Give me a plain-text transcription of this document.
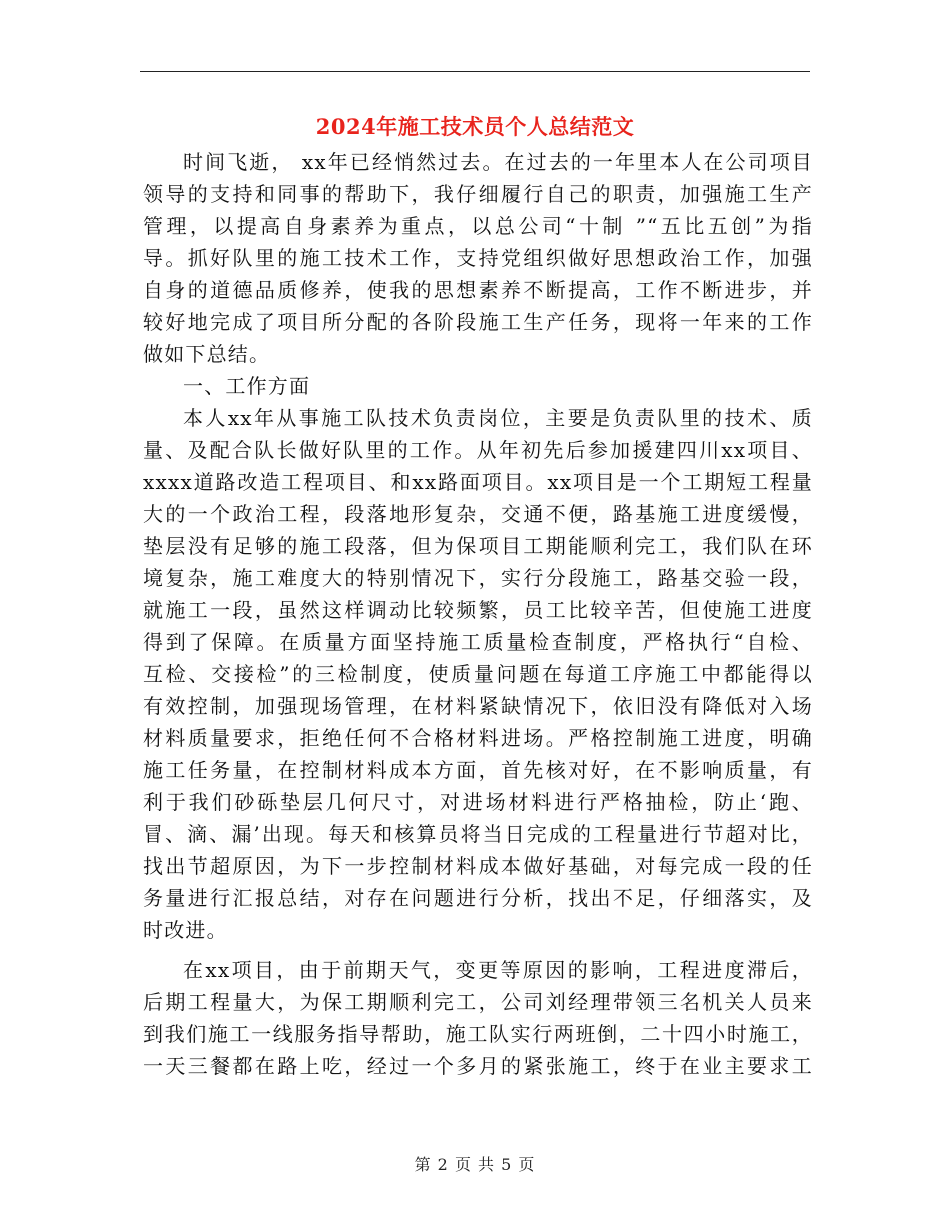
2024年施工技术员个人总结范文
时间飞逝， xx年已经悄然过去。在过去的一年里本人在公司项目
领导的支持和同事的帮助下，我仔细履行自己的职责，加强施工生产
管理，以提高自身素养为重点，以总公司“十制 ”“五比五创”为指
导。抓好队里的施工技术工作，支持党组织做好思想政治工作，加强
自身的道德品质修养，使我的思想素养不断提高，工作不断进步，并
较好地完成了项目所分配的各阶段施工生产任务，现将一年来的工作
做如下总结。
一、工作方面
本人xx年从事施工队技术负责岗位，主要是负责队里的技术、质
量、及配合队长做好队里的工作。从年初先后参加援建四川xx项目、
xxxx道路改造工程项目、和xx路面项目。xx项目是一个工期短工程量
大的一个政治工程，段落地形复杂，交通不便，路基施工进度缓慢，
垫层没有足够的施工段落，但为保项目工期能顺利完工，我们队在环
境复杂，施工难度大的特别情况下，实行分段施工，路基交验一段，
就施工一段，虽然这样调动比较频繁，员工比较辛苦，但使施工进度
得到了保障。在质量方面坚持施工质量检查制度，严格执行“自检、
互检、交接检”的三检制度，使质量问题在每道工序施工中都能得以
有效控制，加强现场管理，在材料紧缺情况下，依旧没有降低对入场
材料质量要求，拒绝任何不合格材料进场。严格控制施工进度，明确
施工任务量，在控制材料成本方面，首先核对好，在不影响质量，有
利于我们砂砾垫层几何尺寸，对进场材料进行严格抽检，防止‘跑、
冒、滴、漏’出现。每天和核算员将当日完成的工程量进行节超对比，
找出节超原因，为下一步控制材料成本做好基础，对每完成一段的任
务量进行汇报总结，对存在问题进行分析，找出不足，仔细落实，及
时改进。
在xx项目，由于前期天气，变更等原因的影响，工程进度滞后，
后期工程量大，为保工期顺利完工，公司刘经理带领三名机关人员来
到我们施工一线服务指导帮助，施工队实行两班倒，二十四小时施工，
一天三餐都在路上吃，经过一个多月的紧张施工，终于在业主要求工
第 2 页 共 5 页
